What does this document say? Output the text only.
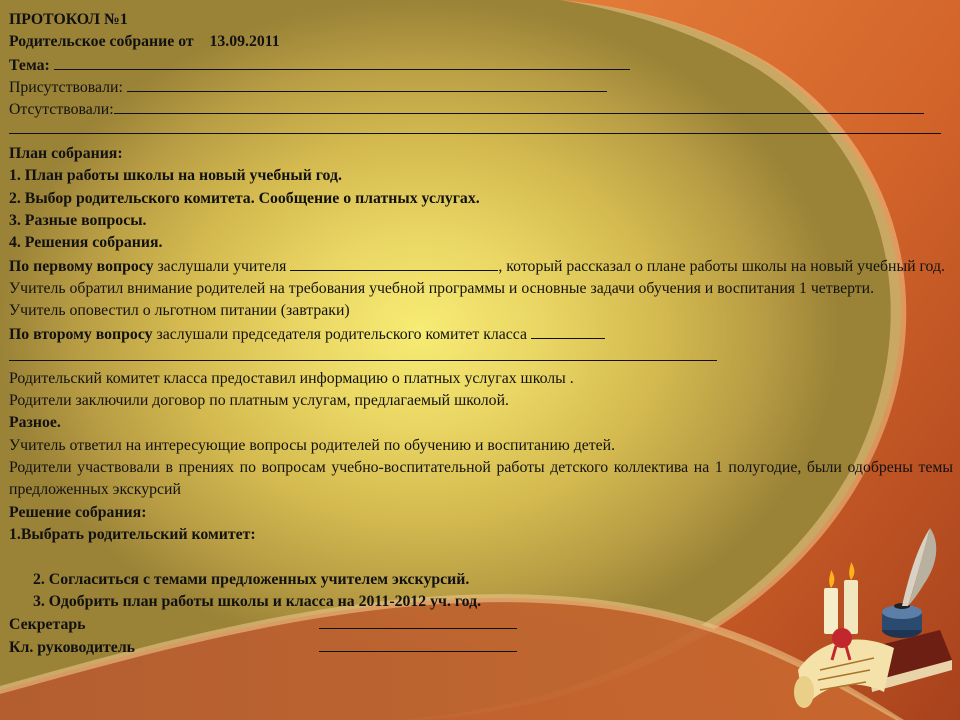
ПРОТОКОЛ №1
Родительское собрание от 13.09.2011
Тема:
Присутствовали:
Отсутствовали:
План собрания:
1. План работы школы на новый учебный год.
2. Выбор родительского комитета. Сообщение о платных услугах.
3. Разные вопросы.
4. Решения собрания.
По первому вопросу заслушали учителя	, который рассказал о плане работы школы на новый учебный год.
Учитель обратил внимание родителей на требования учебной программы и основные задачи обучения и воспитания 1 четверти.
Учитель оповестил о льготном питании (завтраки)
По второму вопросу заслушали председателя родительского комитет класса
Родительский комитет класса предоставил информацию о платных услугах школы .
Родители заключили договор по платным услугам, предлагаемый школой.
Разное.
Учитель ответил на интересующие вопросы родителей по обучению и воспитанию детей.
Родители участвовали в прениях по вопросам учебно-воспитательной работы детского коллектива на 1 полугодие, были одобрены темы предложенных экскурсий
Решение собрания:
1.Выбрать родительский комитет:
2. Согласиться с темами предложенных учителем экскурсий.
3. Одобрить план работы школы и класса на 2011-2012 уч. год.
Секретарь
Кл. руководитель
